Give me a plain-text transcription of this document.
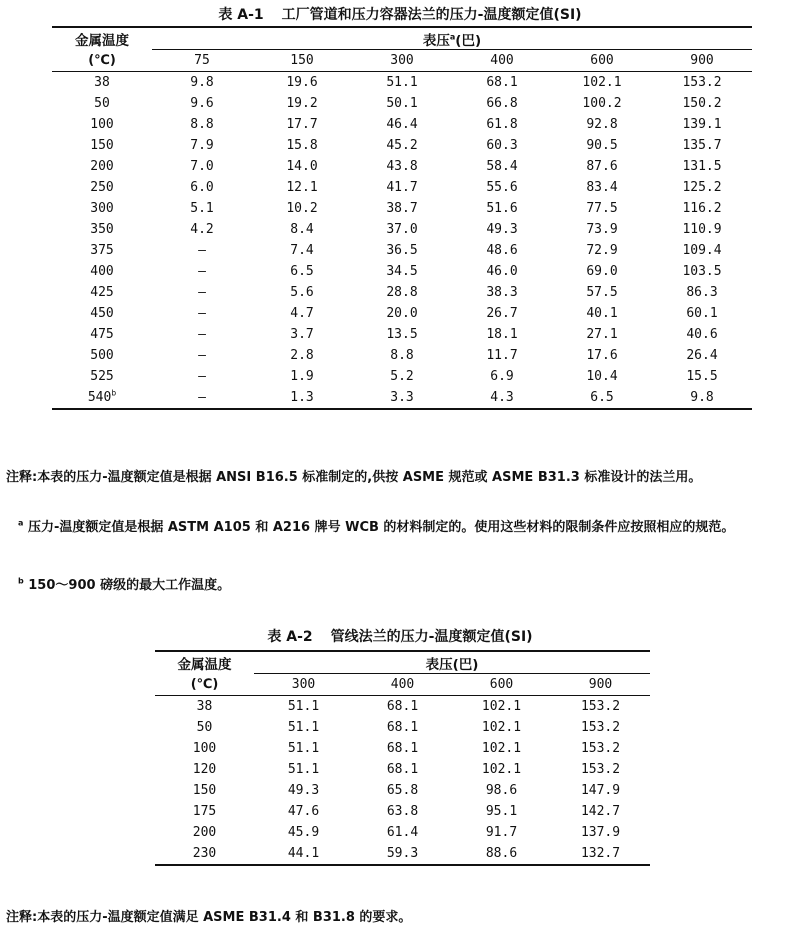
表 A-1 工厂管道和压力容器法兰的压力-温度额定值(SI)
金属温度	表压$^a$(巴)					
(℃)	75	150	300	400	600	900
38	9.8	19.6	51.1	68.1	102.1	153.2
50	9.6	19.2	50.1	66.8	100.2	150.2
100	8.8	17.7	46.4	61.8	92.8	139.1
150	7.9	15.8	45.2	60.3	90.5	135.7
200	7.0	14.0	43.8	58.4	87.6	131.5
250	6.0	12.1	41.7	55.6	83.4	125.2
300	5.1	10.2	38.7	51.6	77.5	116.2
350	4.2	8.4	37.0	49.3	73.9	110.9
375	—	7.4	36.5	48.6	72.9	109.4
400	—	6.5	34.5	46.0	69.0	103.5
425	—	5.6	28.8	38.3	57.5	86.3
450	—	4.7	20.0	26.7	40.1	60.1
475	—	3.7	13.5	18.1	27.1	40.6
500	—	2.8	8.8	11.7	17.6	26.4
525	—	1.9	5.2	6.9	10.4	15.5
540$^b$	—	1.3	3.3	4.3	6.5	9.8
注释:本表的压力-温度额定值是根据 ANSI B16.5 标准制定的,供按 ASME 规范或 ASME B31.3 标准设计的法兰用。
$^a$ 压力-温度额定值是根据 ASTM A105 和 A216 牌号 WCB 的材料制定的。使用这些材料的限制条件应按照相应的规范。
$^b$ 150～900 磅级的最大工作温度。
表 A-2 管线法兰的压力-温度额定值(SI)
金属温度	表压(巴)			
(℃)	300	400	600	900
38	51.1	68.1	102.1	153.2
50	51.1	68.1	102.1	153.2
100	51.1	68.1	102.1	153.2
120	51.1	68.1	102.1	153.2
150	49.3	65.8	98.6	147.9
175	47.6	63.8	95.1	142.7
200	45.9	61.4	91.7	137.9
230	44.1	59.3	88.6	132.7
注释:本表的压力-温度额定值满足 ASME B31.4 和 B31.8 的要求。
